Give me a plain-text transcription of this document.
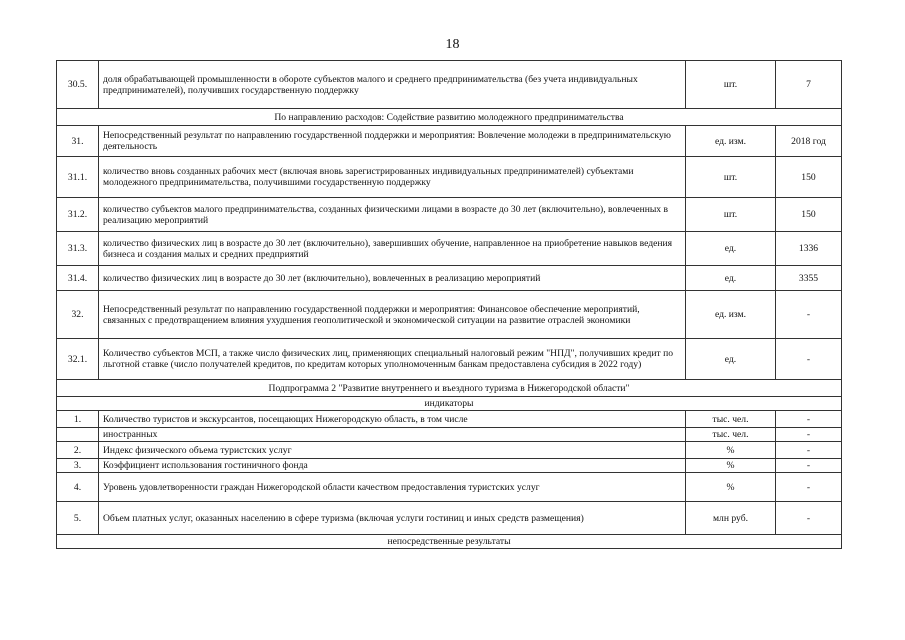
18
30.5.	доля обрабатывающей промышленности в обороте субъектов малого и среднего предпринимательства (без учета индивидуальных предпринимателей), получивших государственную поддержку	шт.	7
По направлению расходов: Содействие развитию молодежного предпринимательства			
31.	Непосредственный результат по направлению государственной поддержки и мероприятия: Вовлечение молодежи в предпринимательскую деятельность	ед. изм.	2018 год
31.1.	количество вновь созданных рабочих мест (включая вновь зарегистрированных индивидуальных предпринимателей) субъектами молодежного предпринимательства, получившими государственную поддержку	шт.	150
31.2.	количество субъектов малого предпринимательства, созданных физическими лицами в возрасте до 30 лет (включительно), вовлеченных в реализацию мероприятий	шт.	150
31.3.	количество физических лиц в возрасте до 30 лет (включительно), завершивших обучение, направленное на приобретение навыков ведения бизнеса и создания малых и средних предприятий	ед.	1336
31.4.	количество физических лиц в возрасте до 30 лет (включительно), вовлеченных в реализацию мероприятий	ед.	3355
32.	Непосредственный результат по направлению государственной поддержки и мероприятия: Финансовое обеспечение мероприятий, связанных с предотвращением влияния ухудшения геополитической и экономической ситуации на развитие отраслей экономики	ед. изм.	-
32.1.	Количество субъектов МСП, а также число физических лиц, применяющих специальный налоговый режим "НПД", получивших кредит по льготной ставке (число получателей кредитов, по кредитам которых уполномоченным банкам предоставлена субсидия в 2022 году)	ед.	-
Подпрограмма 2 "Развитие внутреннего и въездного туризма в Нижегородской области"			
индикаторы			
1.	Количество туристов и экскурсантов, посещающих Нижегородскую область, в том числе	тыс. чел.	-
	иностранных	тыс. чел.	-
2.	Индекс физического объема туристских услуг	%	-
3.	Коэффициент использования гостиничного фонда	%	-
4.	Уровень удовлетворенности граждан Нижегородской области качеством предоставления туристских услуг	%	-
5.	Объем платных услуг, оказанных населению в сфере туризма (включая услуги гостиниц и иных средств размещения)	млн руб.	-
непосредственные результаты			
